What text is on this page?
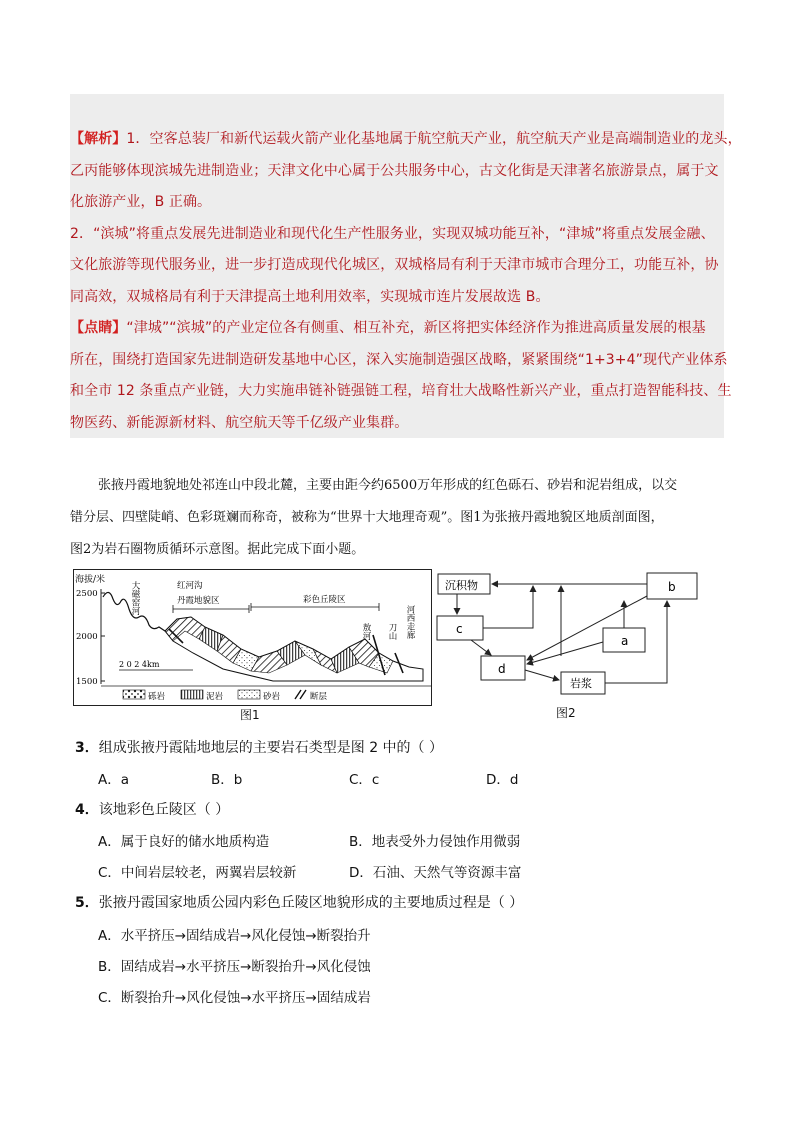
【解析】1．空客总装厂和新代运载火箭产业化基地属于航空航天产业，航空航天产业是高端制造业的龙头，
乙丙能够体现滨城先进制造业；天津文化中心属于公共服务中心，古文化街是天津著名旅游景点，属于文
化旅游产业，B 正确。
2．“滨城”将重点发展先进制造业和现代化生产性服务业，实现双城功能互补，“津城”将重点发展金融、
文化旅游等现代服务业，进一步打造成现代化城区，双城格局有利于天津市城市合理分工，功能互补，协
同高效，双城格局有利于天津提高土地利用效率，实现城市连片发展故选 B。
【点睛】“津城”“滨城”的产业定位各有侧重、相互补充，新区将把实体经济作为推进高质量发展的根基
所在，围绕打造国家先进制造研发基地中心区，深入实施制造强区战略，紧紧围绕“1+3+4”现代产业体系
和全市 12 条重点产业链，大力实施串链补链强链工程，培育壮大战略性新兴产业，重点打造智能科技、生
物医药、新能源新材料、航空航天等千亿级产业集群。
张掖丹霞地貌地处祁连山中段北麓，主要由距今约6500万年形成的红色砾石、砂岩和泥岩组成，以交
错分层、四壁陡峭、色彩斑斓而称奇，被称为“世界十大地理奇观”。图1为张掖丹霞地貌区地质剖面图，
图2为岩石圈物质循环示意图。据此完成下面小题。
海拔/米
2500
2000
1500
大磁窑河	红河沟
丹霞地貌区	彩色丘陵区
敖河 刀山 河西走廊
2 0 2 4km
砾岩	泥岩	砂岩	断层
图1
沉积物	b
c
a
d
岩浆
图2
3．组成张掖丹霞陆地地层的主要岩石类型是图 2 中的（ ）
A．a	B．b	C．c	D．d
4．该地彩色丘陵区（ ）
A．属于良好的储水地质构造	B．地表受外力侵蚀作用微弱
C．中间岩层较老，两翼岩层较新	D．石油、天然气等资源丰富
5．张掖丹霞国家地质公园内彩色丘陵区地貌形成的主要地质过程是（ ）
A．水平挤压→固结成岩→风化侵蚀→断裂抬升
B．固结成岩→水平挤压→断裂抬升→风化侵蚀
C．断裂抬升→风化侵蚀→水平挤压→固结成岩
